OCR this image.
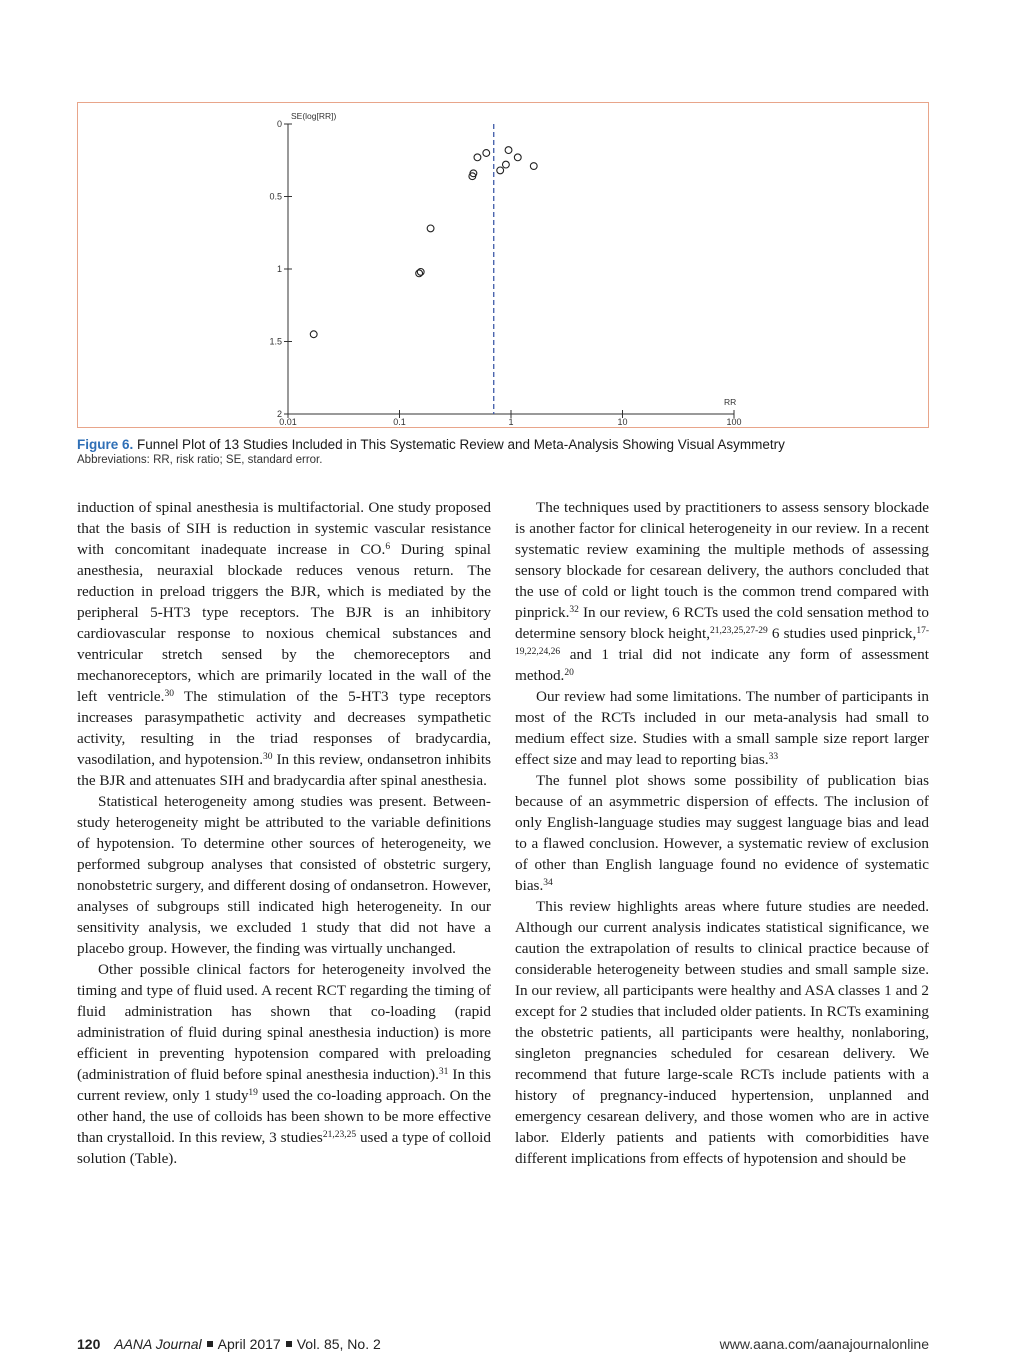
0
0.5
1
1.5
2
0.01	0.1	1	10	100
SE(log[RR])
RR
Figure 6. Funnel Plot of 13 Studies Included in This Systematic Review and Meta-Analysis Showing Visual Asymmetry
Abbreviations: RR, risk ratio; SE, standard error.

induction of spinal anesthesia is multifactorial. One study proposed that the basis of SIH is reduction in systemic vascular resistance with concomitant inadequate increase in CO.$^6$ During spinal anesthesia, neuraxial blockade reduces venous return. The reduction in preload triggers the BJR, which is mediated by the peripheral 5-HT3 type receptors. The BJR is an inhibitory cardiovascular response to noxious chemical substances and ventricular stretch sensed by the chemoreceptors and mechanoreceptors, which are primarily located in the wall of the left ventricle.$^{30}$ The stimulation of the 5-HT3 type receptors increases parasympathetic activity and decreases sympathetic activity, resulting in the triad responses of bradycardia, vasodilation, and hypotension.$^{30}$ In this review, ondansetron inhibits the BJR and attenuates SIH and bradycardia after spinal anesthesia.

Statistical heterogeneity among studies was present. Between-study heterogeneity might be attributed to the variable definitions of hypotension. To determine other sources of heterogeneity, we performed subgroup analyses that consisted of obstetric surgery, nonobstetric surgery, and different dosing of ondansetron. However, analyses of subgroups still indicated high heterogeneity. In our sensitivity analysis, we excluded 1 study that did not have a placebo group. However, the finding was virtually unchanged.

Other possible clinical factors for heterogeneity involved the timing and type of fluid used. A recent RCT regarding the timing of fluid administration has shown that co-loading (rapid administration of fluid during spinal anesthesia induction) is more efficient in preventing hypotension compared with preloading (administration of fluid before spinal anesthesia induction).$^{31}$ In this current review, only 1 study$^{19}$ used the co-loading approach. On the other hand, the use of colloids has been shown to be more effective than crystalloid. In this review, 3 studies$^{21,23,25}$ used a type of colloid solution (Table).

The techniques used by practitioners to assess sensory blockade is another factor for clinical heterogeneity in our review. In a recent systematic review examining the multiple methods of assessing sensory blockade for cesarean delivery, the authors concluded that the use of cold or light touch is the common trend compared with pinprick.$^{32}$ In our review, 6 RCTs used the cold sensation method to determine sensory block height,$^{21,23,25,27-29}$ 6 studies used pinprick,$^{17-19,22,24,26}$ and 1 trial did not indicate any form of assessment method.$^{20}$

Our review had some limitations. The number of participants in most of the RCTs included in our meta-analysis had small to medium effect size. Studies with a small sample size report larger effect size and may lead to reporting bias.$^{33}$

The funnel plot shows some possibility of publication bias because of an asymmetric dispersion of effects. The inclusion of only English-language studies may suggest language bias and lead to a flawed conclusion. However, a systematic review of exclusion of other than English language found no evidence of systematic bias.$^{34}$

This review highlights areas where future studies are needed. Although our current analysis indicates statistical significance, we caution the extrapolation of results to clinical practice because of considerable heterogeneity between studies and small sample size. In our review, all participants were healthy and ASA classes 1 and 2 except for 2 studies that included older patients. In RCTs examining the obstetric patients, all participants were healthy, nonlaboring, singleton pregnancies scheduled for cesarean delivery. We recommend that future large-scale RCTs include patients with a history of pregnancy-induced hypertension, unplanned and emergency cesarean delivery, and those women who are in active labor. Elderly patients and patients with comorbidities have different implications from effects of hypotension and should be

120 AANA Journal April 2017 Vol. 85, No. 2	www.aana.com/aanajournalonline
